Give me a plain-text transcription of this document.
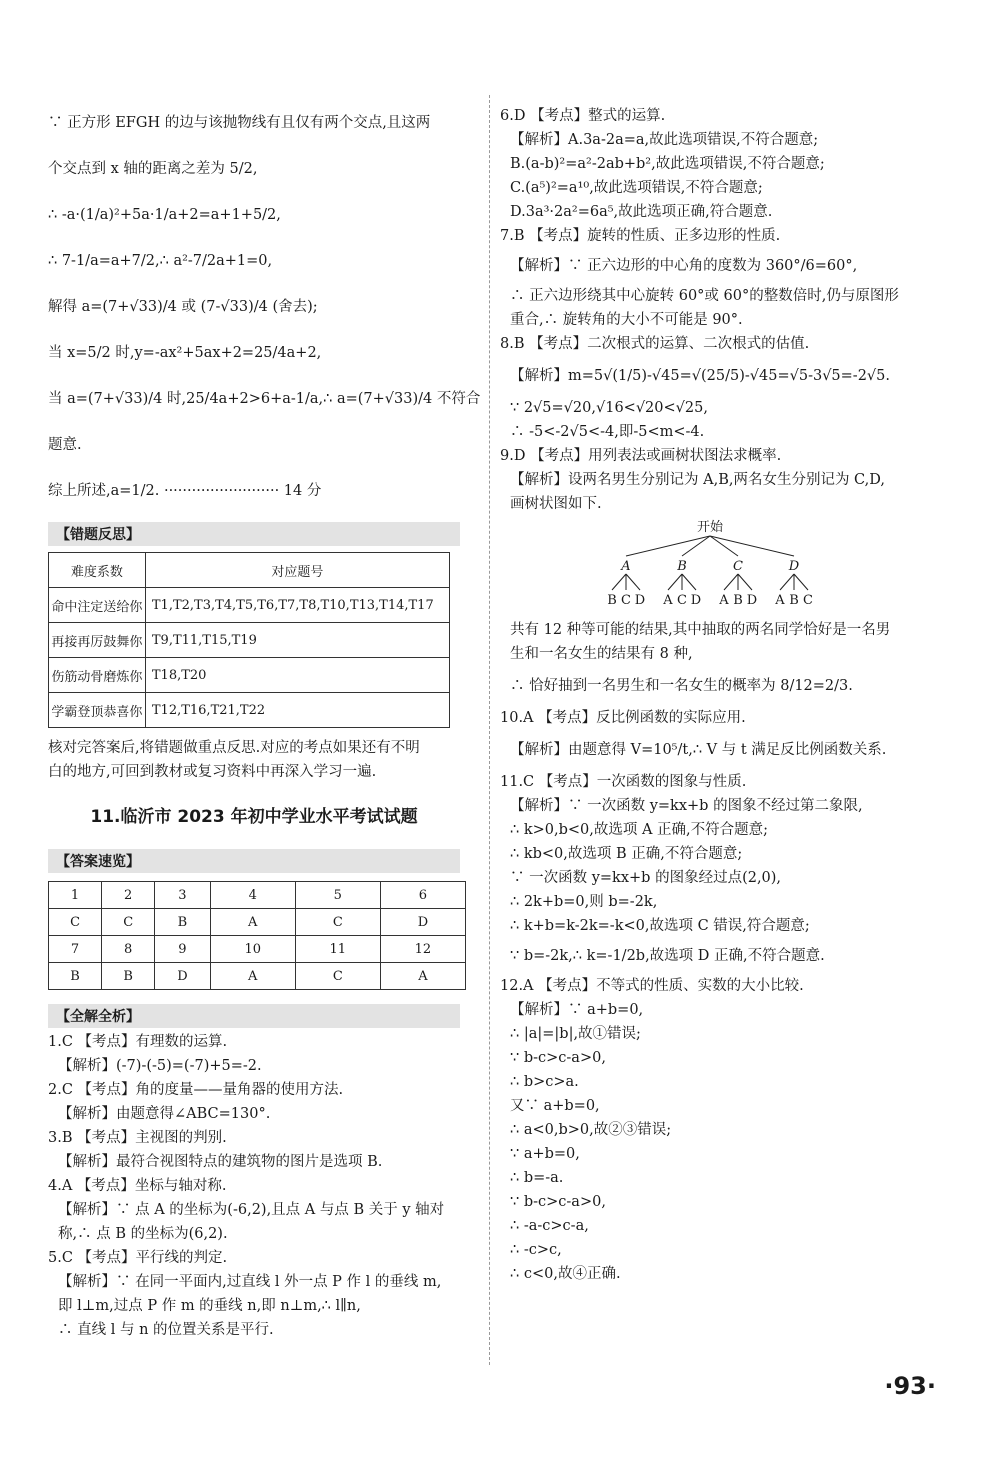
∵ 正方形 EFGH 的边与该抛物线有且仅有两个交点,且这两
个交点到 x 轴的距离之差为 5/2,
∴ -a·(1/a)²+5a·1/a+2=a+1+5/2,
∴ 7-1/a=a+7/2,∴ a²-7/2a+1=0,
解得 a=(7+√33)/4 或 (7-√33)/4 (舍去);
当 x=5/2 时,y=-ax²+5ax+2=25/4a+2,
当 a=(7+√33)/4 时,25/4a+2>6+a-1/a,∴ a=(7+√33)/4 不符合
题意.
综上所述,a=1/2. ························· 14 分
【错题反思】
难度系数	对应题号
命中注定送给你	T1,T2,T3,T4,T5,T6,T7,T8,T10,T13,T14,T17
再接再厉鼓舞你	T9,T11,T15,T19
伤筋动骨磨炼你	T18,T20
学霸登顶恭喜你	T12,T16,T21,T22
核对完答案后,将错题做重点反思.对应的考点如果还有不明
白的地方,可回到教材或复习资料中再深入学习一遍.
11.临沂市 2023 年初中学业水平考试试题
【答案速览】
1	2	3	4	5	6
C	C	B	A	C	D
7	8	9	10	11	12
B	B	D	A	C	A
【全解全析】
1.C 【考点】有理数的运算.
【解析】(-7)-(-5)=(-7)+5=-2.
2.C 【考点】角的度量——量角器的使用方法.
【解析】由题意得∠ABC=130°.
3.B 【考点】主视图的判别.
【解析】最符合视图特点的建筑物的图片是选项 B.
4.A 【考点】坐标与轴对称.
【解析】∵ 点 A 的坐标为(-6,2),且点 A 与点 B 关于 y 轴对
称,∴ 点 B 的坐标为(6,2).
5.C 【考点】平行线的判定.
【解析】∵ 在同一平面内,过直线 l 外一点 P 作 l 的垂线 m,
即 l⊥m,过点 P 作 m 的垂线 n,即 n⊥m,∴ l∥n,
∴ 直线 l 与 n 的位置关系是平行.
6.D 【考点】整式的运算.
【解析】A.3a-2a=a,故此选项错误,不符合题意;
B.(a-b)²=a²-2ab+b²,故此选项错误,不符合题意;
C.(a⁵)²=a¹⁰,故此选项错误,不符合题意;
D.3a³·2a²=6a⁵,故此选项正确,符合题意.
7.B 【考点】旋转的性质、正多边形的性质.
【解析】∵ 正六边形的中心角的度数为 360°/6=60°,
∴ 正六边形绕其中心旋转 60°或 60°的整数倍时,仍与原图形
重合,∴ 旋转角的大小不可能是 90°.
8.B 【考点】二次根式的运算、二次根式的估值.
【解析】m=5√(1/5)-√45=√(25/5)-√45=√5-3√5=-2√5.
∵ 2√5=√20,√16<√20<√25,
∴ -5<-2√5<-4,即-5<m<-4.
9.D 【考点】用列表法或画树状图法求概率.
【解析】设两名男生分别记为 A,B,两名女生分别记为 C,D,
画树状图如下.
开始
A	B	C	D
B C D A C D A B D A B C
共有 12 种等可能的结果,其中抽取的两名同学恰好是一名男
生和一名女生的结果有 8 种,
∴ 恰好抽到一名男生和一名女生的概率为 8/12=2/3.
10.A 【考点】反比例函数的实际应用.
【解析】由题意得 V=10⁵/t,∴ V 与 t 满足反比例函数关系.
11.C 【考点】一次函数的图象与性质.
【解析】∵ 一次函数 y=kx+b 的图象不经过第二象限,
∴ k>0,b<0,故选项 A 正确,不符合题意;
∴ kb<0,故选项 B 正确,不符合题意;
∵ 一次函数 y=kx+b 的图象经过点(2,0),
∴ 2k+b=0,则 b=-2k,
∴ k+b=k-2k=-k<0,故选项 C 错误,符合题意;
∵ b=-2k,∴ k=-1/2b,故选项 D 正确,不符合题意.
12.A 【考点】不等式的性质、实数的大小比较.
【解析】∵ a+b=0,
∴ |a|=|b|,故①错误;
∵ b-c>c-a>0,
∴ b>c>a.
又∵ a+b=0,
∴ a<0,b>0,故②③错误;
∵ a+b=0,
∴ b=-a.
∵ b-c>c-a>0,
∴ -a-c>c-a,
∴ -c>c,
∴ c<0,故④正确.
·93·
